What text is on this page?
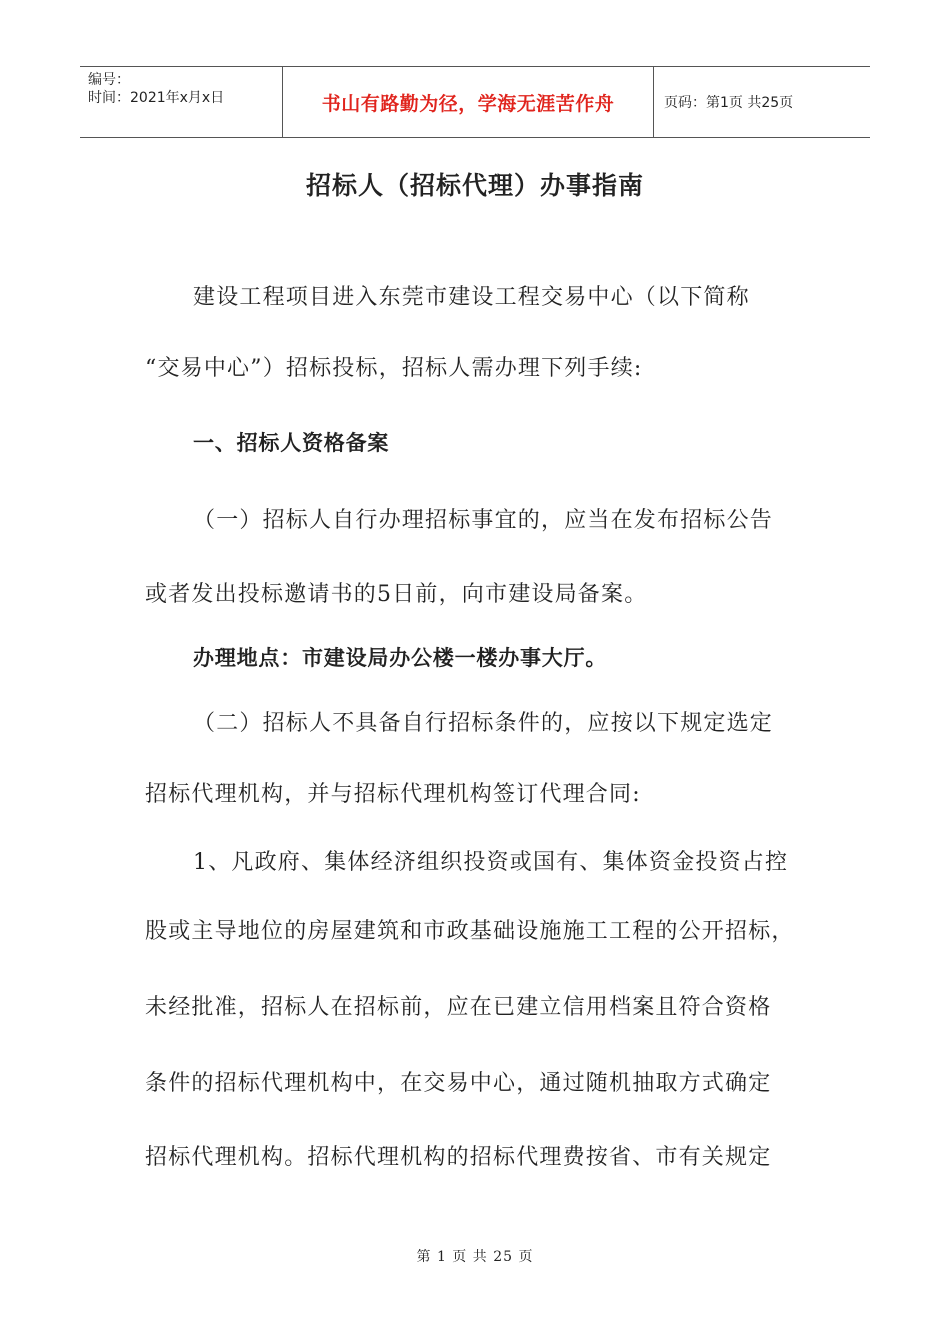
编号：
时间：2021年x月x日	书山有路勤为径，学海无涯苦作舟	页码：第1页 共25页
招标人（招标代理）办事指南
建设工程项目进入东莞市建设工程交易中心（以下简称
“交易中心”）招标投标，招标人需办理下列手续:
一、招标人资格备案
（一）招标人自行办理招标事宜的，应当在发布招标公告
或者发出投标邀请书的5日前，向市建设局备案。
办理地点：市建设局办公楼一楼办事大厅。
（二）招标人不具备自行招标条件的，应按以下规定选定
招标代理机构，并与招标代理机构签订代理合同:
1、凡政府、集体经济组织投资或国有、集体资金投资占控
股或主导地位的房屋建筑和市政基础设施施工工程的公开招标，
未经批准，招标人在招标前，应在已建立信用档案且符合资格
条件的招标代理机构中，在交易中心，通过随机抽取方式确定
招标代理机构。招标代理机构的招标代理费按省、市有关规定
第 1 页 共 25 页
